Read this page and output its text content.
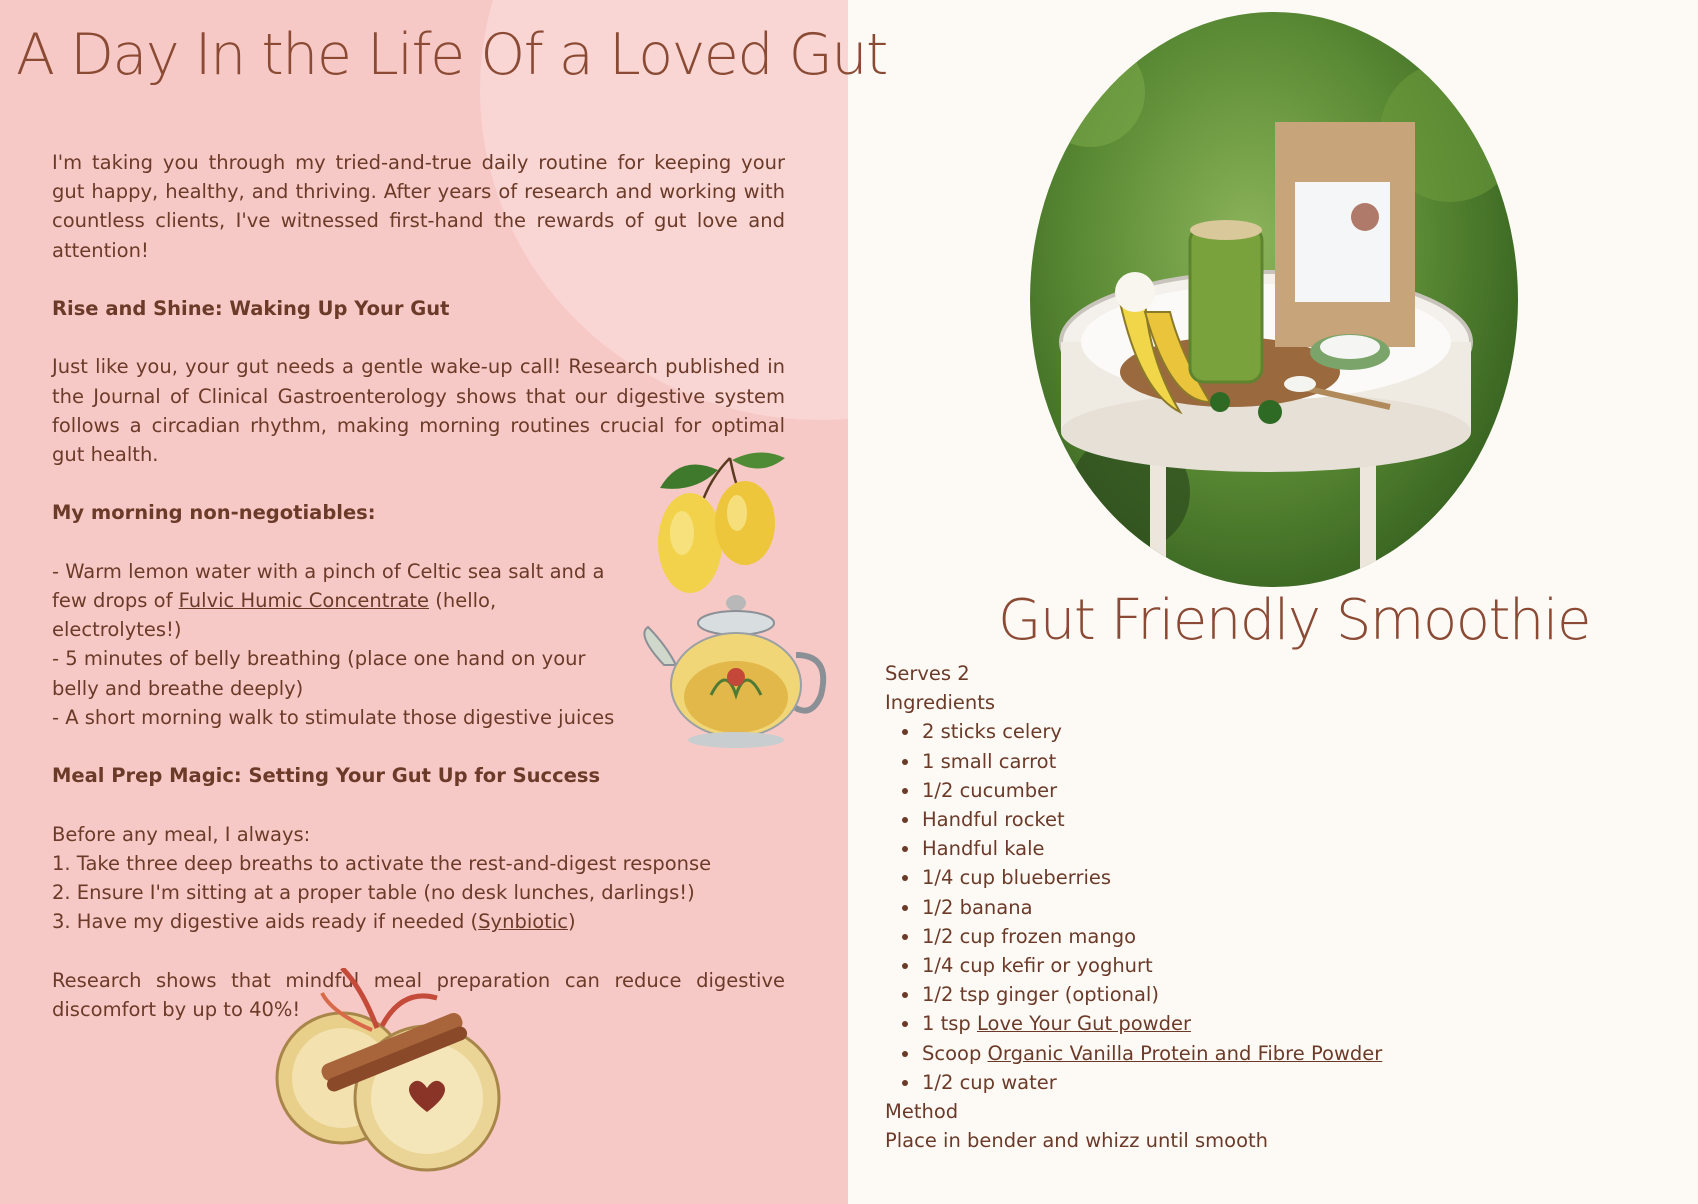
A Day In the Life Of a Loved Gut

I'm taking you through my tried-and-true daily routine for keeping your gut happy, healthy, and thriving. After years of research and working with countless clients, I've witnessed first-hand the rewards of gut love and attention!

Rise and Shine: Waking Up Your Gut

Just like you, your gut needs a gentle wake-up call! Research published in the Journal of Clinical Gastroenterology shows that our digestive system follows a circadian rhythm, making morning routines crucial for optimal gut health.

My morning non-negotiables:

- Warm lemon water with a pinch of Celtic sea salt and a few drops of Fulvic Humic Concentrate (hello, electrolytes!)

- 5 minutes of belly breathing (place one hand on your belly and breathe deeply)

- A short morning walk to stimulate those digestive juices

Meal Prep Magic: Setting Your Gut Up for Success

Before any meal, I always:

1. Take three deep breaths to activate the rest-and-digest response

2. Ensure I'm sitting at a proper table (no desk lunches, darlings!)

3. Have my digestive aids ready if needed (Synbiotic)

Research shows that mindful meal preparation can reduce digestive discomfort by up to 40%!

Gut Friendly Smoothie

Serves 2

Ingredients

2 sticks celery
1 small carrot
1/2 cucumber
Handful rocket
Handful kale
1/4 cup blueberries
1/2 banana
1/2 cup frozen mango
1/4 cup kefir or yoghurt
1/2 tsp ginger (optional)
1 tsp Love Your Gut powder
Scoop Organic Vanilla Protein and Fibre Powder
1/2 cup water

Method

Place in bender and whizz until smooth
